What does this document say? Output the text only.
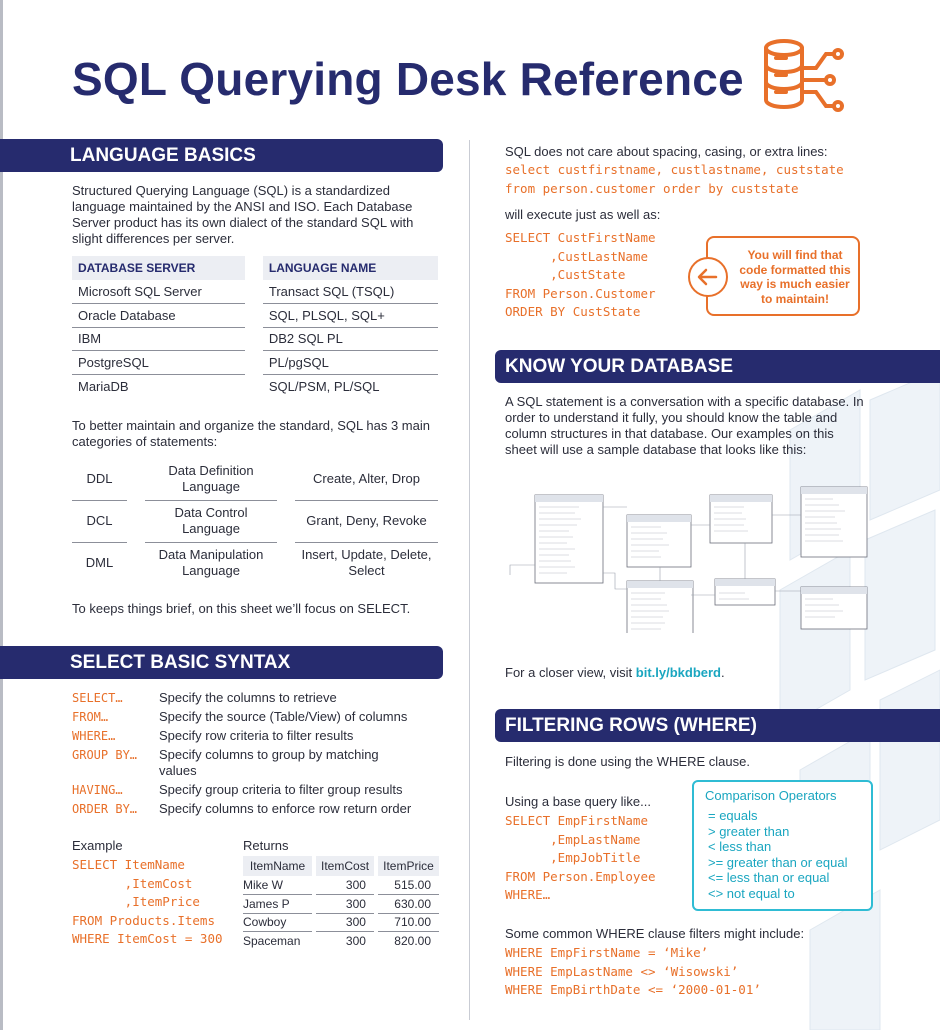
SQL Querying Desk Reference
LANGUAGE BASICS
Structured Querying Language (SQL) is a standardized language maintained by the ANSI and ISO. Each Database Server product has its own dialect of the standard SQL with slight differences per server.
DATABASE SERVER		LANGUAGE NAME
Microsoft SQL Server		Transact SQL (TSQL)
Oracle Database		SQL, PLSQL, SQL+
IBM		DB2 SQL PL
PostgreSQL		PL/pgSQL
MariaDB		SQL/PSM, PL/SQL
To better maintain and organize the standard, SQL has 3 main categories of statements:
DDL		Data Definition Language		Create, Alter, Drop
DCL		Data Control Language		Grant, Deny, Revoke
DML		Data Manipulation Language		Insert, Update, Delete, Select
To keeps things brief, on this sheet we’ll focus on SELECT.
SELECT BASIC SYNTAX
SELECT…	Specify the columns to retrieve
FROM…	Specify the source (Table/View) of columns
WHERE…	Specify row criteria to filter results
GROUP BY…	Specify columns to group by matching values
HAVING…	Specify group criteria to filter group results
ORDER BY…	Specify columns to enforce row return order
Example
SELECT ItemName
,ItemCost
,ItemPrice
FROM Products.Items
WHERE ItemCost = 300
Returns
ItemName		ItemCost		ItemPrice
Mike W		300		515.00
James P		300		630.00
Cowboy		300		710.00
Spaceman		300		820.00
SQL does not care about spacing, casing, or extra lines:
select custfirstname, custlastname, custstate
from person.customer order by custstate
will execute just as well as:
SELECT CustFirstName
,CustLastName
,CustState
FROM Person.Customer
ORDER BY CustState
You will find that code formatted this way is much easier to maintain!
KNOW YOUR DATABASE
A SQL statement is a conversation with a specific database. In order to understand it fully, you should know the table and column structures in that database. Our examples on this sheet will use a sample database that looks like this:
For a closer view, visit bit.ly/bkdberd.
FILTERING ROWS (WHERE)
Filtering is done using the WHERE clause.
Using a base query like...
SELECT EmpFirstName
,EmpLastName
,EmpJobTitle
FROM Person.Employee
WHERE…
Comparison Operators
= equals
> greater than
< less than
>= greater than or equal
<= less than or equal
<> not equal to
Some common WHERE clause filters might include:
WHERE EmpFirstName = ‘Mike’
WHERE EmpLastName <> ‘Wisowski’
WHERE EmpBirthDate <= ‘2000-01-01’
